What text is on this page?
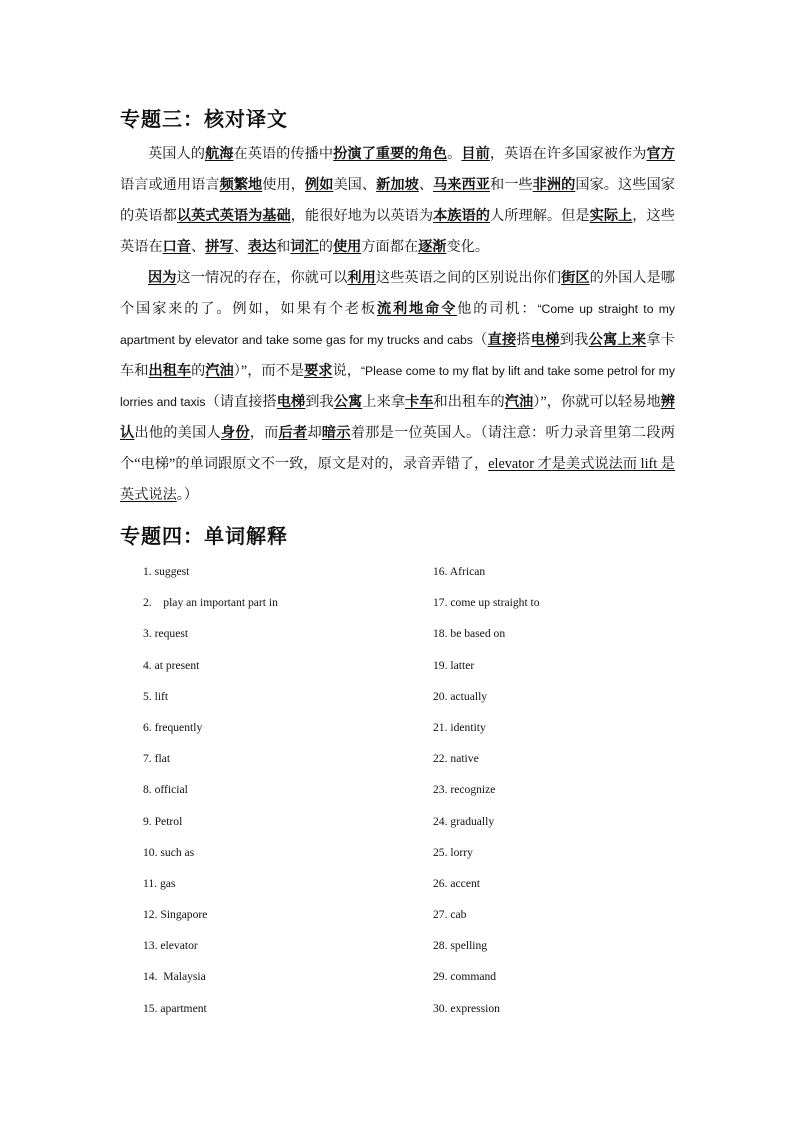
专题三：核对译文

英国人的航海在英语的传播中扮演了重要的角色。目前，英语在许多国家被作为官方语言或通用语言频繁地使用，例如美国、新加坡、马来西亚和一些非洲的国家。这些国家的英语都以英式英语为基础，能很好地为以英语为本族语的人所理解。但是实际上，这些英语在口音、拼写、表达和词汇的使用方面都在逐渐变化。

因为这一情况的存在，你就可以利用这些英语之间的区别说出你们街区的外国人是哪个国家来的了。例如，如果有个老板流利地命令他的司机：“Come up straight to my apartment by elevator and take some gas for my trucks and cabs（直接搭电梯到我公寓上来拿卡车和出租车的汽油）”，而不是要求说，“Please come to my flat by lift and take some petrol for my lorries and taxis（请直接搭电梯到我公寓上来拿卡车和出租车的汽油）”，你就可以轻易地辨认出他的美国人身份，而后者却暗示着那是一位英国人。（请注意：听力录音里第二段两个“电梯”的单词跟原文不一致，原文是对的，录音弄错了，elevator 才是美式说法而 lift 是英式说法。）

专题四：单词解释
1. suggest
2.    play an important part in
3. request
4. at present
5. lift
6. frequently
7. flat
8. official
9. Petrol
10. such as
11. gas
12. Singapore
13. elevator
14.  Malaysia
15. apartment
16. African
17. come up straight to
18. be based on
19. latter
20. actually
21. identity
22. native
23. recognize
24. gradually
25. lorry
26. accent
27. cab
28. spelling
29. command
30. expression
